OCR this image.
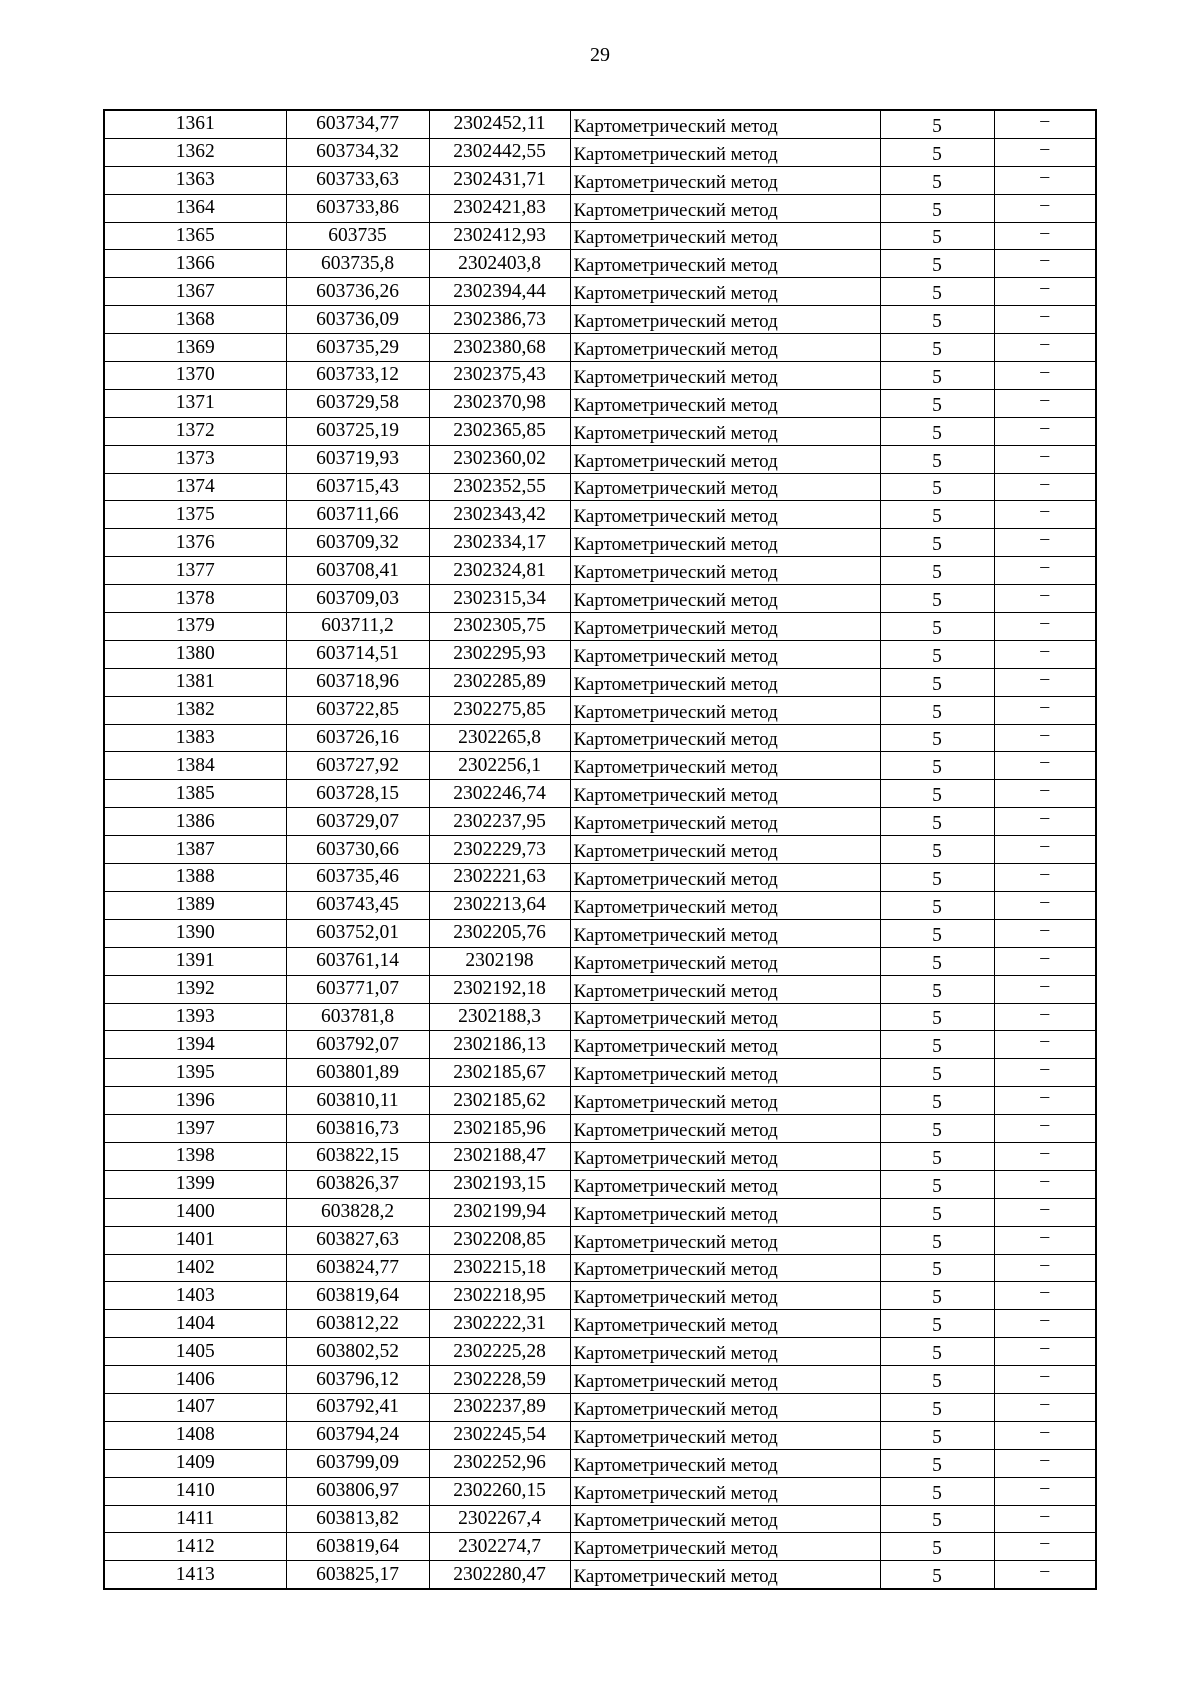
29
1361	603734,77	2302452,11	Картометрический метод	5	–
1362	603734,32	2302442,55	Картометрический метод	5	–
1363	603733,63	2302431,71	Картометрический метод	5	–
1364	603733,86	2302421,83	Картометрический метод	5	–
1365	603735	2302412,93	Картометрический метод	5	–
1366	603735,8	2302403,8	Картометрический метод	5	–
1367	603736,26	2302394,44	Картометрический метод	5	–
1368	603736,09	2302386,73	Картометрический метод	5	–
1369	603735,29	2302380,68	Картометрический метод	5	–
1370	603733,12	2302375,43	Картометрический метод	5	–
1371	603729,58	2302370,98	Картометрический метод	5	–
1372	603725,19	2302365,85	Картометрический метод	5	–
1373	603719,93	2302360,02	Картометрический метод	5	–
1374	603715,43	2302352,55	Картометрический метод	5	–
1375	603711,66	2302343,42	Картометрический метод	5	–
1376	603709,32	2302334,17	Картометрический метод	5	–
1377	603708,41	2302324,81	Картометрический метод	5	–
1378	603709,03	2302315,34	Картометрический метод	5	–
1379	603711,2	2302305,75	Картометрический метод	5	–
1380	603714,51	2302295,93	Картометрический метод	5	–
1381	603718,96	2302285,89	Картометрический метод	5	–
1382	603722,85	2302275,85	Картометрический метод	5	–
1383	603726,16	2302265,8	Картометрический метод	5	–
1384	603727,92	2302256,1	Картометрический метод	5	–
1385	603728,15	2302246,74	Картометрический метод	5	–
1386	603729,07	2302237,95	Картометрический метод	5	–
1387	603730,66	2302229,73	Картометрический метод	5	–
1388	603735,46	2302221,63	Картометрический метод	5	–
1389	603743,45	2302213,64	Картометрический метод	5	–
1390	603752,01	2302205,76	Картометрический метод	5	–
1391	603761,14	2302198	Картометрический метод	5	–
1392	603771,07	2302192,18	Картометрический метод	5	–
1393	603781,8	2302188,3	Картометрический метод	5	–
1394	603792,07	2302186,13	Картометрический метод	5	–
1395	603801,89	2302185,67	Картометрический метод	5	–
1396	603810,11	2302185,62	Картометрический метод	5	–
1397	603816,73	2302185,96	Картометрический метод	5	–
1398	603822,15	2302188,47	Картометрический метод	5	–
1399	603826,37	2302193,15	Картометрический метод	5	–
1400	603828,2	2302199,94	Картометрический метод	5	–
1401	603827,63	2302208,85	Картометрический метод	5	–
1402	603824,77	2302215,18	Картометрический метод	5	–
1403	603819,64	2302218,95	Картометрический метод	5	–
1404	603812,22	2302222,31	Картометрический метод	5	–
1405	603802,52	2302225,28	Картометрический метод	5	–
1406	603796,12	2302228,59	Картометрический метод	5	–
1407	603792,41	2302237,89	Картометрический метод	5	–
1408	603794,24	2302245,54	Картометрический метод	5	–
1409	603799,09	2302252,96	Картометрический метод	5	–
1410	603806,97	2302260,15	Картометрический метод	5	–
1411	603813,82	2302267,4	Картометрический метод	5	–
1412	603819,64	2302274,7	Картометрический метод	5	–
1413	603825,17	2302280,47	Картометрический метод	5	–
